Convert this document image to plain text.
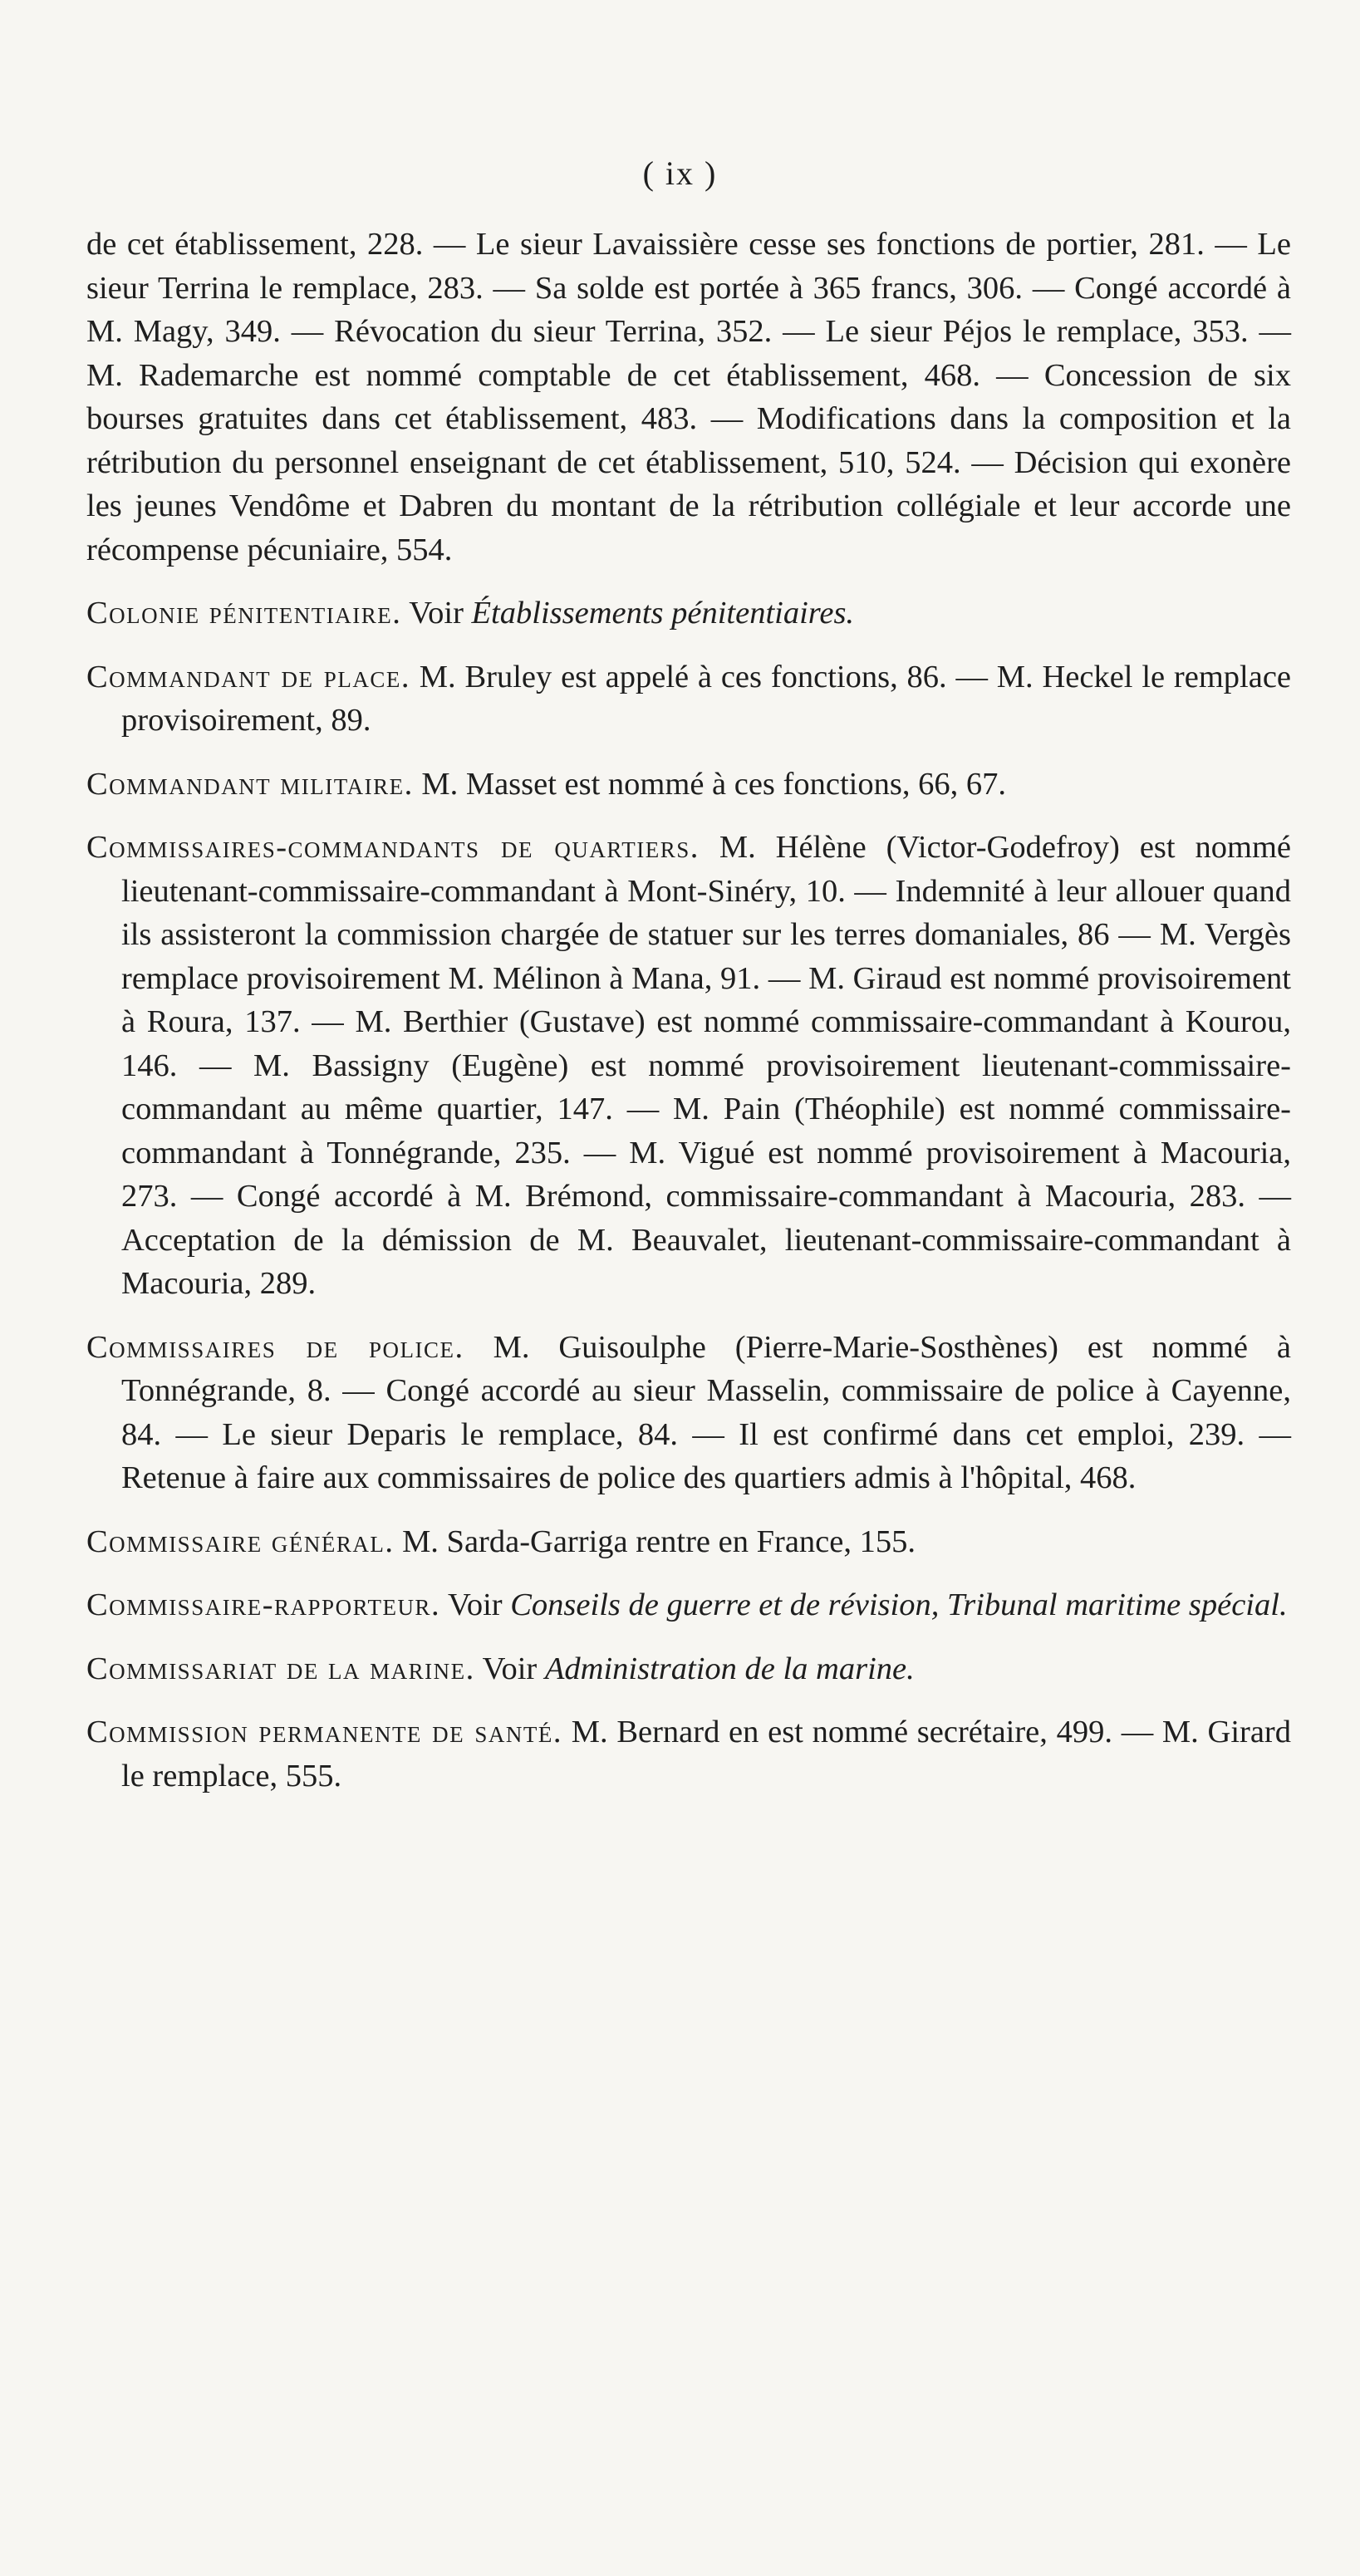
( ix )

de cet établissement, 228. — Le sieur Lavaissière cesse ses fonctions de portier, 281. — Le sieur Terrina le remplace, 283. — Sa solde est portée à 365 francs, 306. — Congé accordé à M. Magy, 349. — Révocation du sieur Terrina, 352. — Le sieur Péjos le remplace, 353. — M. Rademarche est nommé comptable de cet établissement, 468. — Concession de six bourses gratuites dans cet établissement, 483. — Modifications dans la composition et la rétribution du personnel enseignant de cet établissement, 510, 524. — Décision qui exonère les jeunes Vendôme et Dabren du montant de la rétribution collégiale et leur accorde une récompense pécuniaire, 554.

Colonie pénitentiaire. Voir Établissements pénitentiaires.

Commandant de place. M. Bruley est appelé à ces fonctions, 86. — M. Heckel le remplace provisoirement, 89.

Commandant militaire. M. Masset est nommé à ces fonctions, 66, 67.

Commissaires-commandants de quartiers. M. Hélène (Victor-Godefroy) est nommé lieutenant-commissaire-commandant à Mont-Sinéry, 10. — Indemnité à leur allouer quand ils assisteront la commission chargée de statuer sur les terres domaniales, 86 — M. Vergès remplace provisoirement M. Mélinon à Mana, 91. — M. Giraud est nommé provisoirement à Roura, 137. — M. Berthier (Gustave) est nommé commissaire-commandant à Kourou, 146. — M. Bassigny (Eugène) est nommé provisoirement lieutenant-commissaire-commandant au même quartier, 147. — M. Pain (Théophile) est nommé commissaire-commandant à Tonnégrande, 235. — M. Vigué est nommé provisoirement à Macouria, 273. — Congé accordé à M. Brémond, commissaire-commandant à Macouria, 283. — Acceptation de la démission de M. Beauvalet, lieutenant-commissaire-commandant à Macouria, 289.

Commissaires de police. M. Guisoulphe (Pierre-Marie-Sosthènes) est nommé à Tonnégrande, 8. — Congé accordé au sieur Masselin, commissaire de police à Cayenne, 84. — Le sieur Deparis le remplace, 84. — Il est confirmé dans cet emploi, 239. — Retenue à faire aux commissaires de police des quartiers admis à l'hôpital, 468.

Commissaire général. M. Sarda-Garriga rentre en France, 155.

Commissaire-rapporteur. Voir Conseils de guerre et de révision, Tribunal maritime spécial.

Commissariat de la marine. Voir Administration de la marine.

Commission permanente de santé. M. Bernard en est nommé secrétaire, 499. — M. Girard le remplace, 555.
